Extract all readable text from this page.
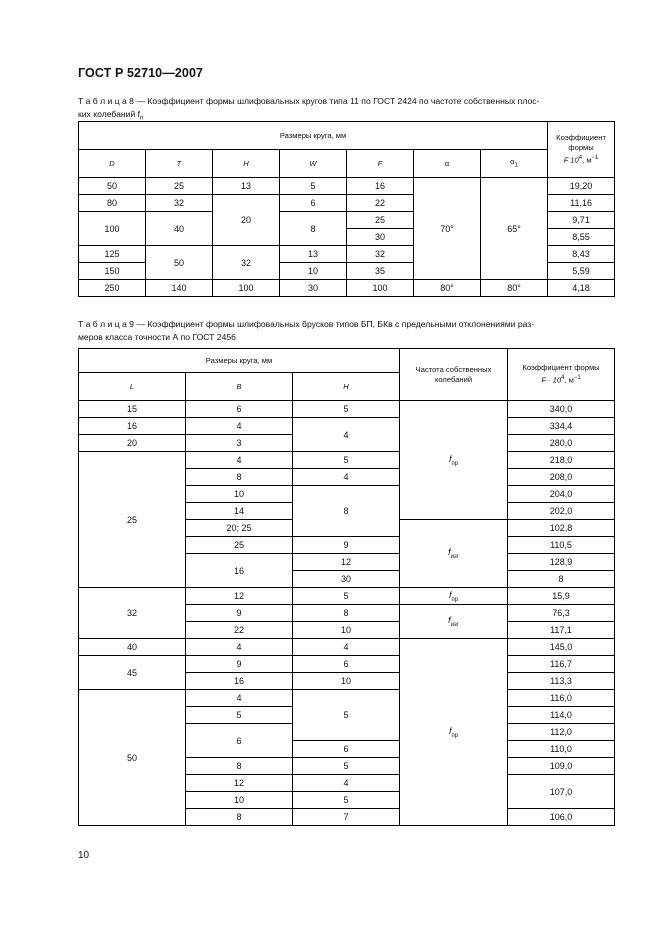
ГОСТ Р 52710—2007
Т а б л и ц а 8 — Коэффициент формы шлифовальных кругов типа 11 по ГОСТ 2424 по частоте собственных плос-
ких колебаний $f_п$
Размеры круга, мм							Коэффициент
формы
F $10^4$, $м^{-1}$

D	T	H	W	F	α	$\alpha_1$
50	25	13	5	16	70°	65°	19,20
80	32	20	6	22			11,16
100	40		8	25			9,71
				30			8,55
125	50	32	13	32			8,43
150			10	35			5,59
250	140	100	30	100	80°	80°	4,18
Т а б л и ц а 9 — Коэффициент формы шлифовальных брусков типов БП, БКв с предельными отклонениями раз-
меров класса точности А по ГОСТ 2456
Размеры круга, мм			Частота собственных колебаний	Коэффициент формы
$F \cdot 10^4$, $м^{-1}$

L	B	H			
15	6	5	$f_{пр}$	340,0	
16	4	4		334,4	
20	3			280,0	
25	4	5		218,0	
	8	4		208,0	
	10	8		204,0	
	14			202,0	
	20; 25		$f_{изг}$	102,8	
	25	9		110,5	
	16	12		128,9	
		30		8	
32	12	5	$f_{пр}$	15,9	
	9	8	$f_{изг}$	76,3	
	22	10		117,1	
40	4	4	$f_{пр}$	145,0	
45	9	6		116,7	
	16	10		113,3	
50	4	5		116,0	
	5			114,0	
	6			112,0	
		6		110,0	
	8	5		109,0	
	12	4		107,0	
	10	5			
	8	7		106,0	
10
